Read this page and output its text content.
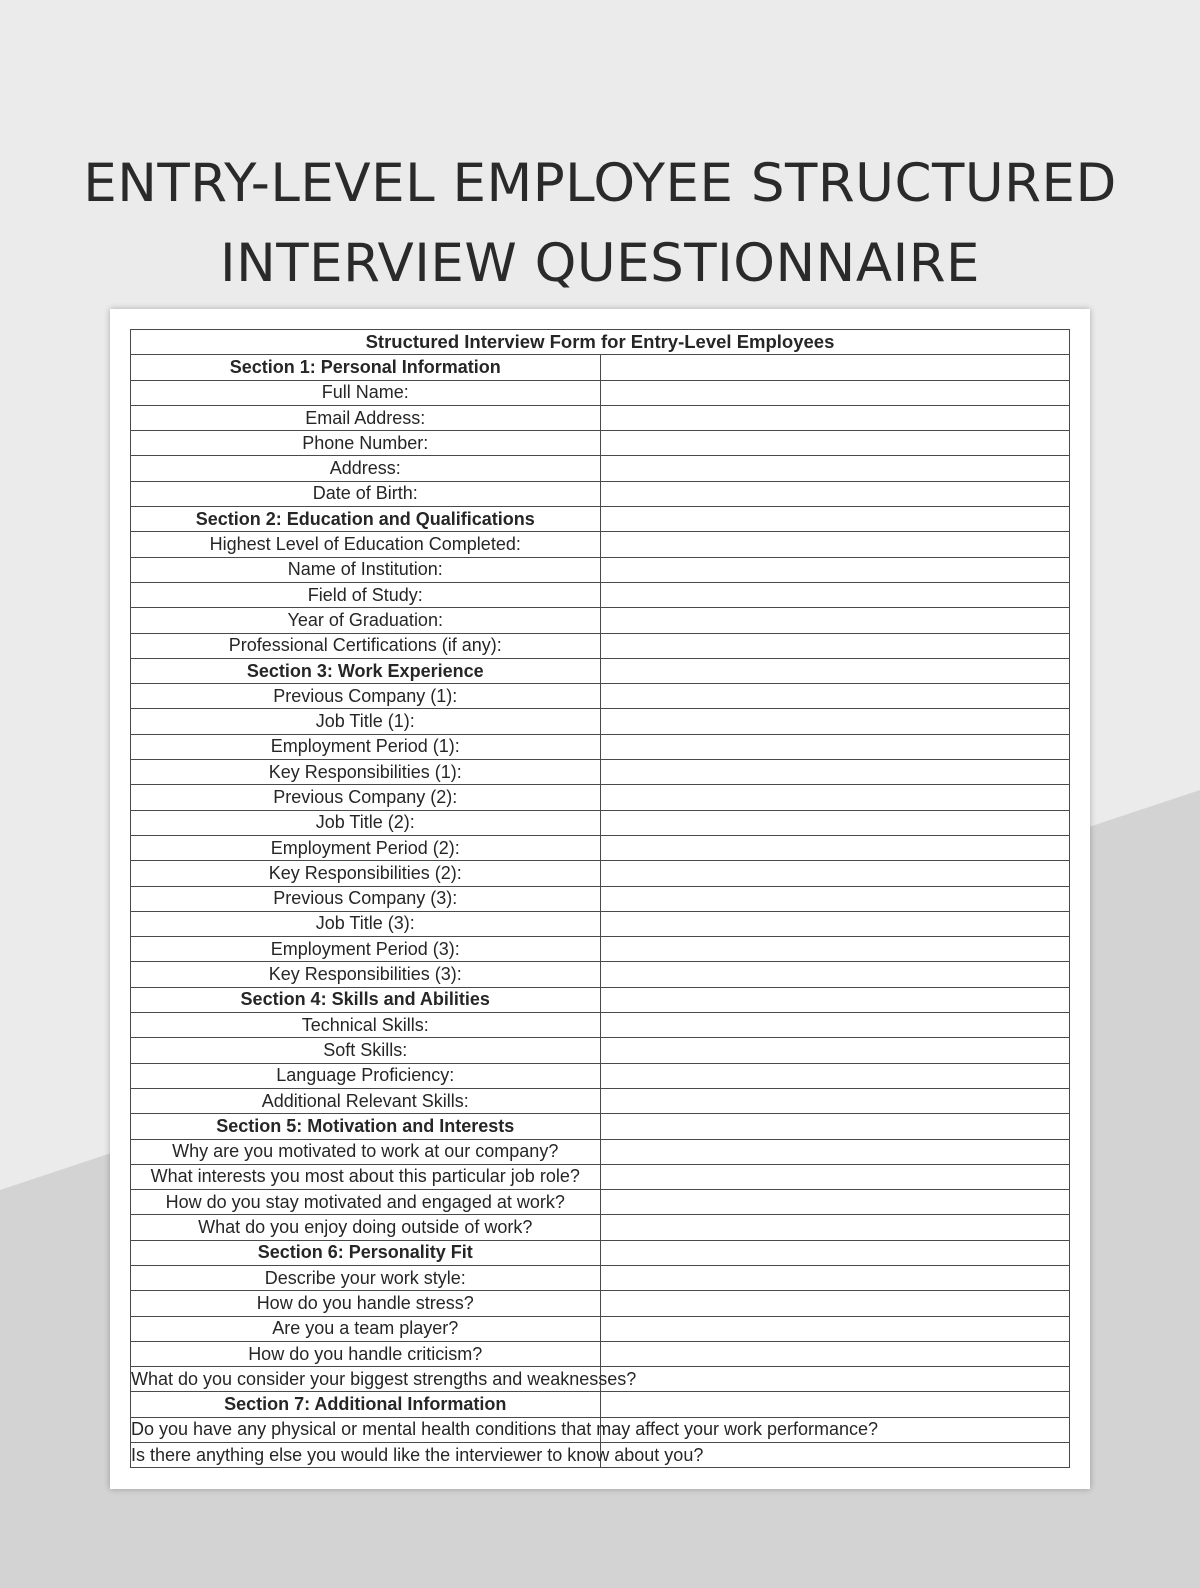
ENTRY-LEVEL EMPLOYEE STRUCTURED
INTERVIEW QUESTIONNAIRE
Structured Interview Form for Entry-Level Employees	
Section 1: Personal Information	
Full Name:	
Email Address:	
Phone Number:	
Address:	
Date of Birth:	
Section 2: Education and Qualifications	
Highest Level of Education Completed:	
Name of Institution:	
Field of Study:	
Year of Graduation:	
Professional Certifications (if any):	
Section 3: Work Experience	
Previous Company (1):	
Job Title (1):	
Employment Period (1):	
Key Responsibilities (1):	
Previous Company (2):	
Job Title (2):	
Employment Period (2):	
Key Responsibilities (2):	
Previous Company (3):	
Job Title (3):	
Employment Period (3):	
Key Responsibilities (3):	
Section 4: Skills and Abilities	
Technical Skills:	
Soft Skills:	
Language Proficiency:	
Additional Relevant Skills:	
Section 5: Motivation and Interests	
Why are you motivated to work at our company?	
What interests you most about this particular job role?	
How do you stay motivated and engaged at work?	
What do you enjoy doing outside of work?	
Section 6: Personality Fit	
Describe your work style:	
How do you handle stress?	
Are you a team player?	
How do you handle criticism?	
What do you consider your biggest strengths and weaknesses?	
Section 7: Additional Information	
Do you have any physical or mental health conditions that may affect your work performance?	
Is there anything else you would like the interviewer to know about you?	
